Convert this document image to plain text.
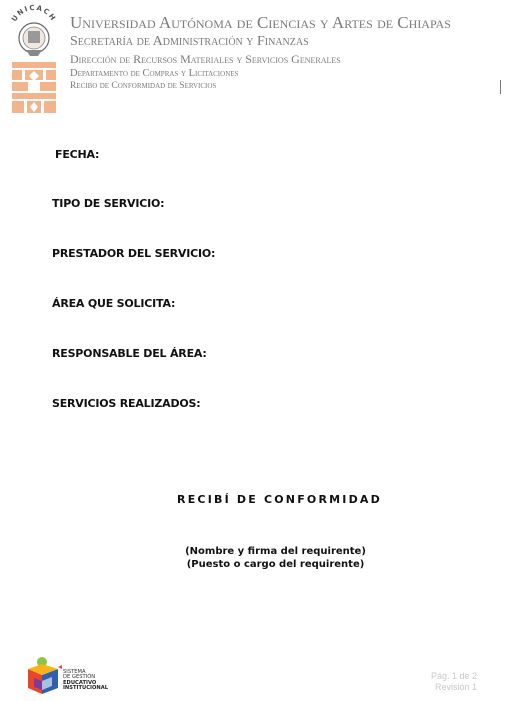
UNICACH Universidad Autónoma de Ciencias y Artes de Chiapas
Secretaría de Administración y Finanzas
Dirección de Recursos Materiales y Servicios Generales
Departamento de Compras y Licitaciones
Recibo de Conformidad de Servicios
FECHA:
TIPO DE SERVICIO:
PRESTADOR DEL SERVICIO:
ÁREA QUE SOLICITA:
RESPONSABLE DEL ÁREA:
SERVICIOS REALIZADOS:
RECIBÍ DE CONFORMIDAD
(Nombre y firma del requirente)
(Puesto o cargo del requirente)
SISTEMA
DE GESTIÓN
EDUCATIVO
INSTITUCIONAL
Pág. 1 de 2
Revisión 1
